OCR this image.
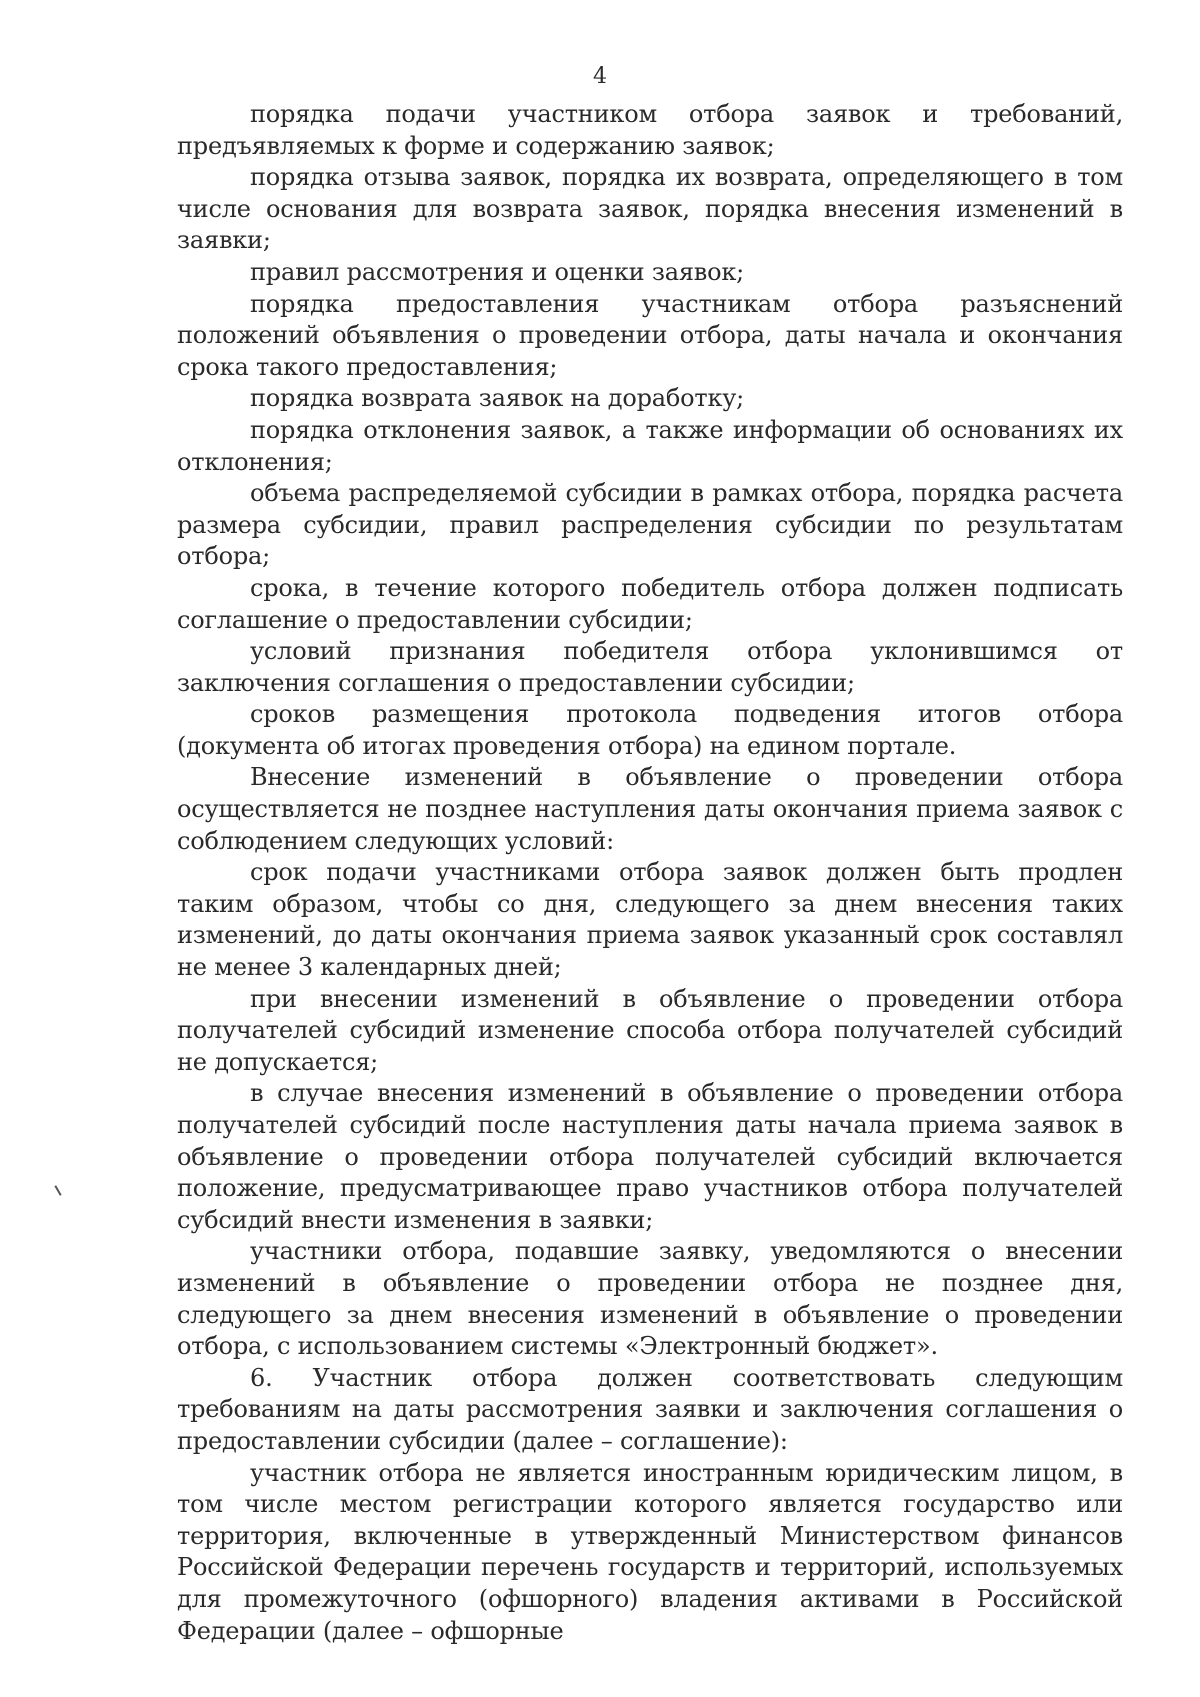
4

порядка подачи участником отбора заявок и требований, предъявляемых к форме и содержанию заявок;

порядка отзыва заявок, порядка их возврата, определяющего в том числе основания для возврата заявок, порядка внесения изменений в заявки;

правил рассмотрения и оценки заявок;

порядка предоставления участникам отбора разъяснений положений объявления о проведении отбора, даты начала и окончания срока такого предоставления;

порядка возврата заявок на доработку;

порядка отклонения заявок, а также информации об основаниях их отклонения;

объема распределяемой субсидии в рамках отбора, порядка расчета размера субсидии, правил распределения субсидии по результатам отбора;

срока, в течение которого победитель отбора должен подписать соглашение о предоставлении субсидии;

условий признания победителя отбора уклонившимся от заключения соглашения о предоставлении субсидии;

сроков размещения протокола подведения итогов отбора (документа об итогах проведения отбора) на едином портале.

Внесение изменений в объявление о проведении отбора осуществляется не позднее наступления даты окончания приема заявок с соблюдением следующих условий:

срок подачи участниками отбора заявок должен быть продлен таким образом, чтобы со дня, следующего за днем внесения таких изменений, до даты окончания приема заявок указанный срок составлял не менее 3 календарных дней;

при внесении изменений в объявление о проведении отбора получателей субсидий изменение способа отбора получателей субсидий не допускается;

в случае внесения изменений в объявление о проведении отбора получателей субсидий после наступления даты начала приема заявок в объявление о проведении отбора получателей субсидий включается положение, предусматривающее право участников отбора получателей субсидий внести изменения в заявки;

участники отбора, подавшие заявку, уведомляются о внесении изменений в объявление о проведении отбора не позднее дня, следующего за днем внесения изменений в объявление о проведении отбора, с использованием системы «Электронный бюджет».

6. Участник отбора должен соответствовать следующим требованиям на даты рассмотрения заявки и заключения соглашения о предоставлении субсидии (далее – соглашение):

участник отбора не является иностранным юридическим лицом, в том числе местом регистрации которого является государство или территория, включенные в утвержденный Министерством финансов Российской Федерации перечень государств и территорий, используемых для промежуточного (офшорного) владения активами в Российской Федерации (далее – офшорные
